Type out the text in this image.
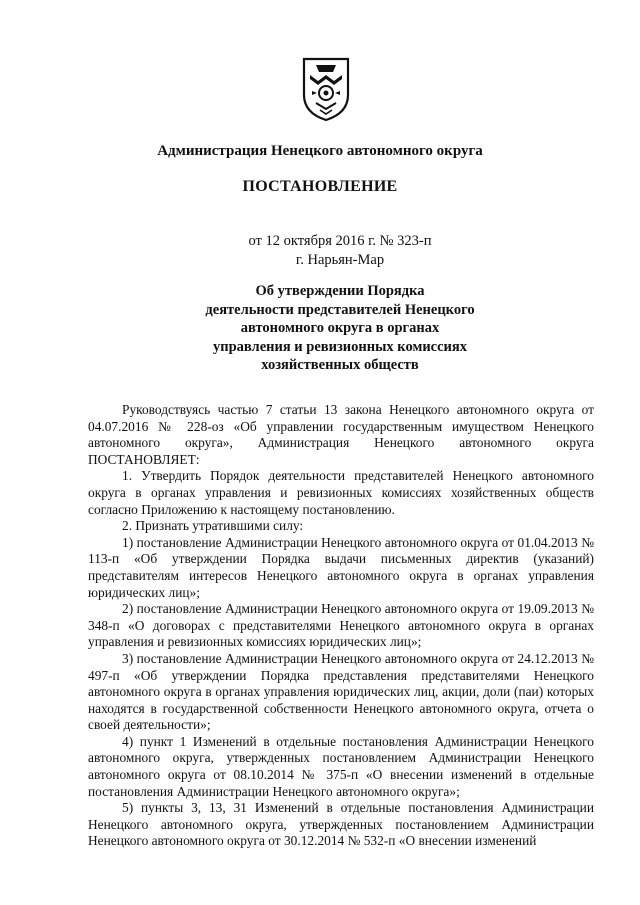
Администрация Ненецкого автономного округа
ПОСТАНОВЛЕНИЕ
от 12 октября 2016 г. № 323-п
г. Нарьян-Мар
Об утверждении Порядка
деятельности представителей Ненецкого
автономного округа в органах
управления и ревизионных комиссиях
хозяйственных обществ

Руководствуясь частью 7 статьи 13 закона Ненецкого автономного округа от 04.07.2016 № 228-оз «Об управлении государственным имуществом Ненецкого автономного округа», Администрация Ненецкого автономного округа ПОСТАНОВЛЯЕТ:

1. Утвердить Порядок деятельности представителей Ненецкого автономного округа в органах управления и ревизионных комиссиях хозяйственных обществ согласно Приложению к настоящему постановлению.

2. Признать утратившими силу:

1) постановление Администрации Ненецкого автономного округа от 01.04.2013 № 113-п «Об утверждении Порядка выдачи письменных директив (указаний) представителям интересов Ненецкого автономного округа в органах управления юридических лиц»;

2) постановление Администрации Ненецкого автономного округа от 19.09.2013 № 348-п «О договорах с представителями Ненецкого автономного округа в органах управления и ревизионных комиссиях юридических лиц»;

3) постановление Администрации Ненецкого автономного округа от 24.12.2013 № 497-п «Об утверждении Порядка представления представителями Ненецкого автономного округа в органах управления юридических лиц, акции, доли (паи) которых находятся в государственной собственности Ненецкого автономного округа, отчета о своей деятельности»;

4) пункт 1 Изменений в отдельные постановления Администрации Ненецкого автономного округа, утвержденных постановлением Администрации Ненецкого автономного округа от 08.10.2014 № 375-п «О внесении изменений в отдельные постановления Администрации Ненецкого автономного округа»;

5) пункты 3, 13, 31 Изменений в отдельные постановления Администрации Ненецкого автономного округа, утвержденных постановлением Администрации Ненецкого автономного округа от 30.12.2014 № 532-п «О внесении изменений
